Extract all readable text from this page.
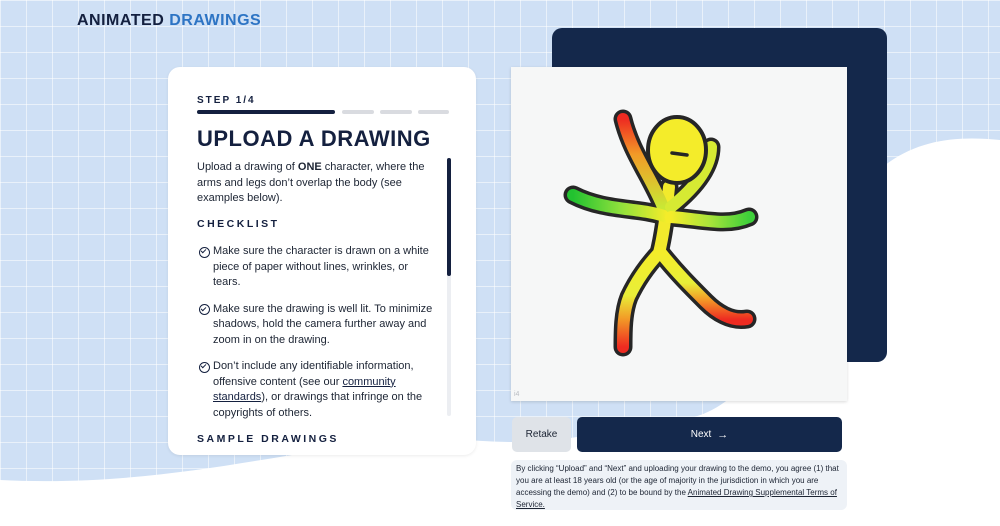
ANIMATED DRAWINGS
STEP 1/4
UPLOAD A DRAWING

Upload a drawing of ONE character, where the arms and legs don’t overlap the body (see examples below).

CHECKLIST
Make sure the character is drawn on a white piece of paper without lines, wrinkles, or tears.
Make sure the drawing is well lit. To minimize shadows, hold the camera further away and zoom in on the drawing.
Don’t include any identifiable information, offensive content (see our community standards), or drawings that infringe on the copyrights of others.
SAMPLE DRAWINGS
i4
Retake	Next →
By clicking “Upload” and “Next” and uploading your drawing to the demo, you agree (1) that you are at least 18 years old (or the age of majority in the jurisdiction in which you are accessing the demo) and (2) to be bound by the Animated Drawing Supplemental Terms of Service.
